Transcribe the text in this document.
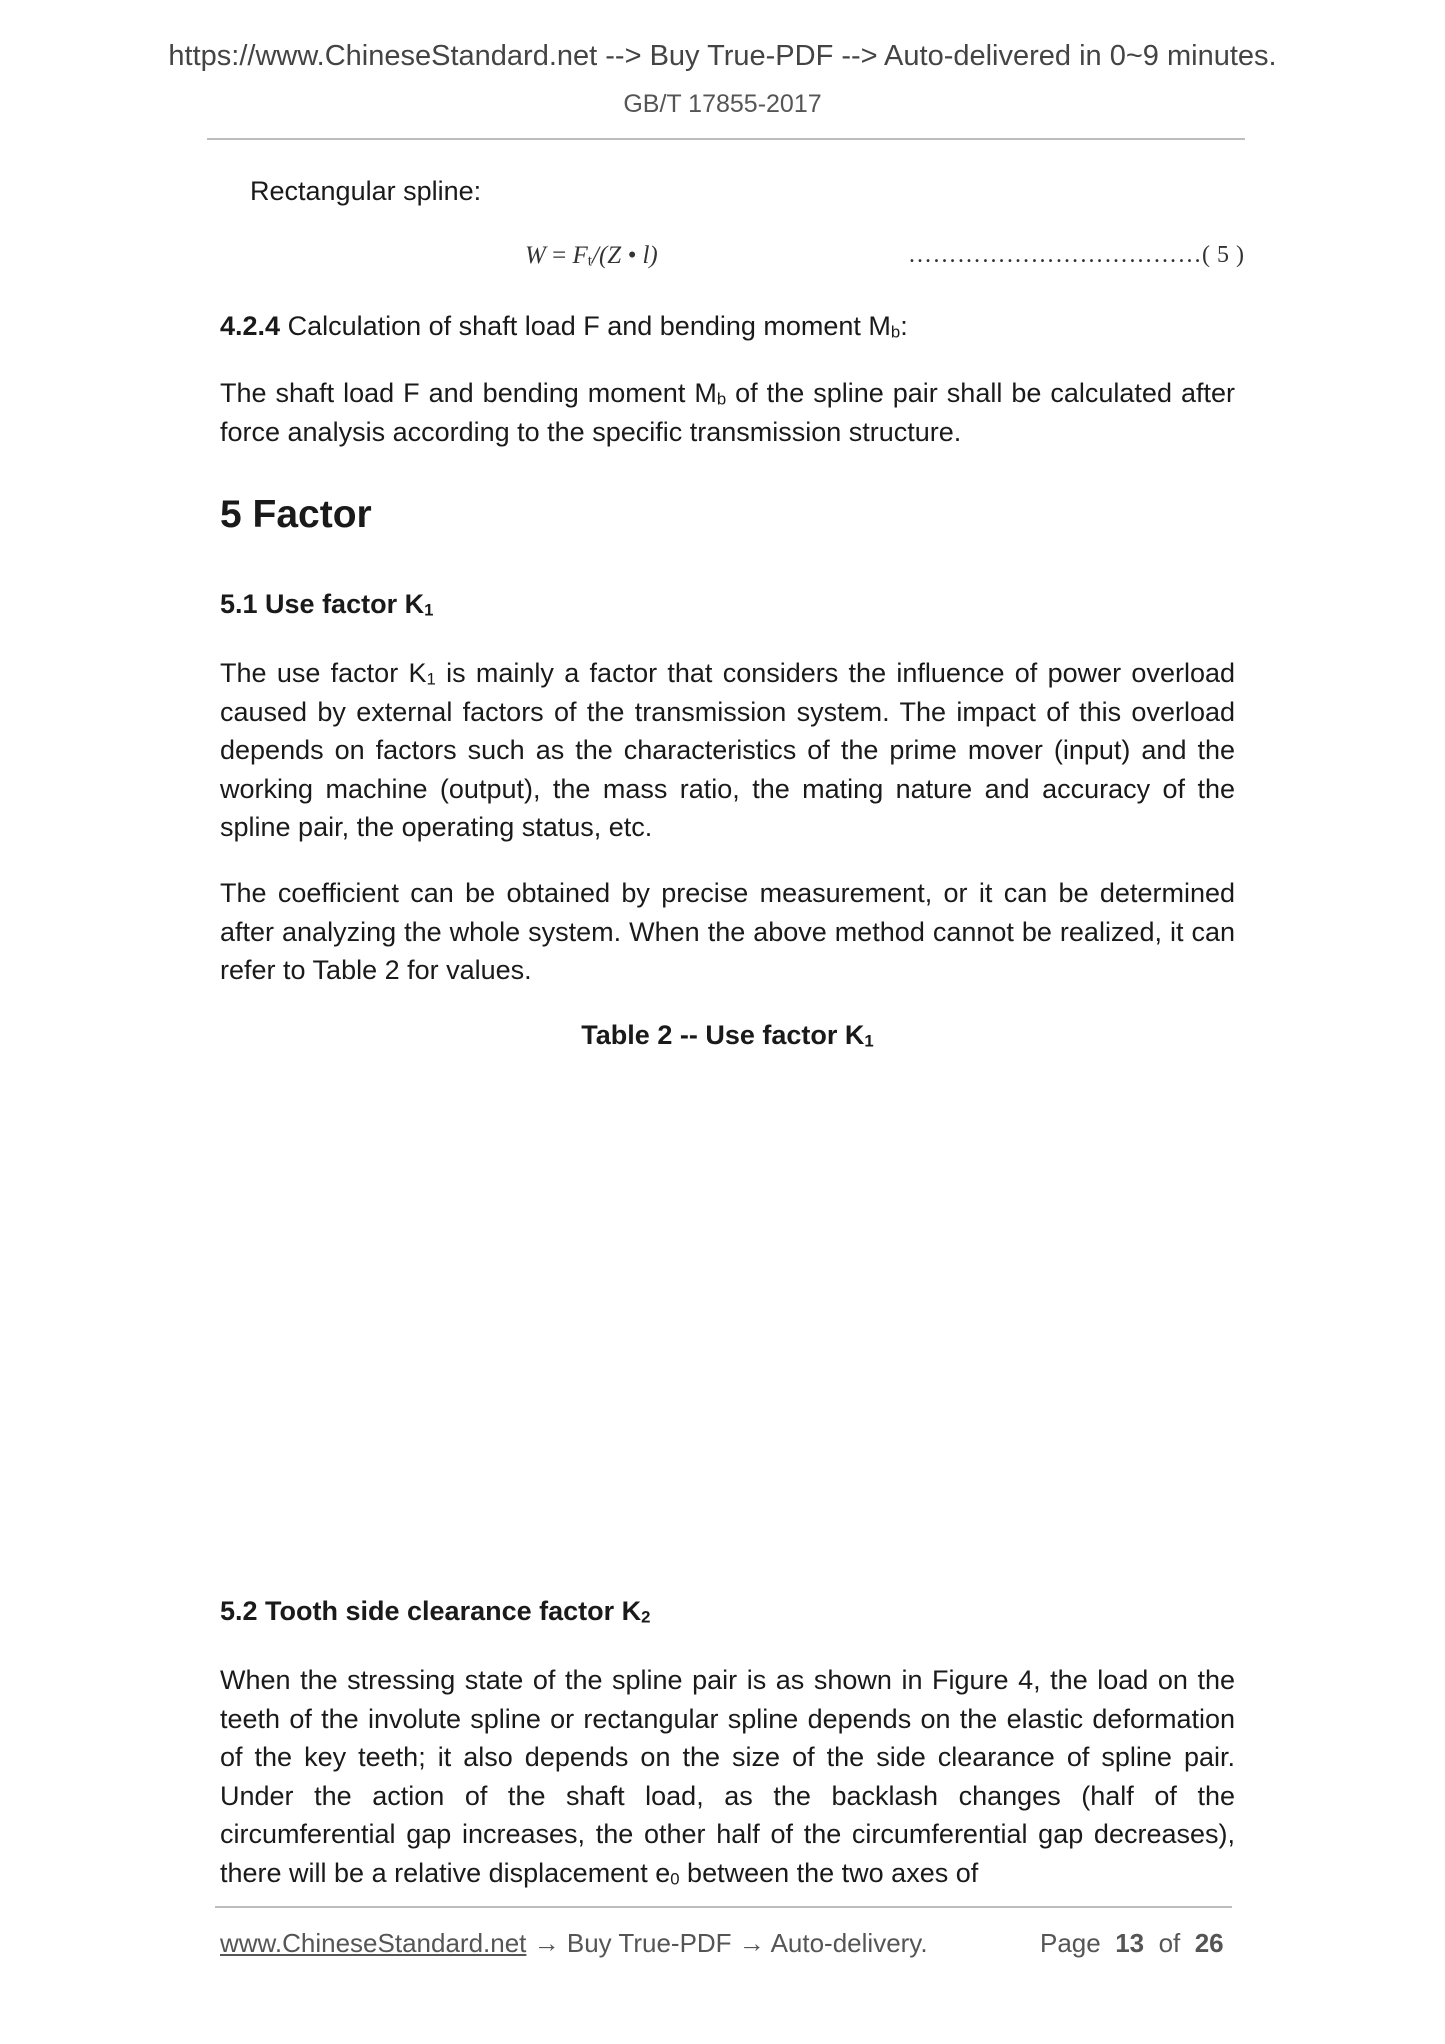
https://www.ChineseStandard.net --> Buy True-PDF --> Auto-delivered in 0~9 minutes.
GB/T 17855-2017

Rectangular spline:

$W = F_t/(Z$ • l)	………………………………( 5 )

4.2.4 Calculation of shaft load F and bending moment $M_b$:

The shaft load F and bending moment $M_b$ of the spline pair shall be calculated after force analysis according to the specific transmission structure.

5 Factor
5.1 Use factor $K_1$

The use factor $K_1$ is mainly a factor that considers the influence of power overload caused by external factors of the transmission system. The impact of this overload depends on factors such as the characteristics of the prime mover (input) and the working machine (output), the mass ratio, the mating nature and accuracy of the spline pair, the operating status, etc.

The coefficient can be obtained by precise measurement, or it can be determined after analyzing the whole system. When the above method cannot be realized, it can refer to Table 2 for values.

Table 2 -- Use factor $K_1$

5.2 Tooth side clearance factor $K_2$

When the stressing state of the spline pair is as shown in Figure 4, the load on the teeth of the involute spline or rectangular spline depends on the elastic deformation of the key teeth; it also depends on the size of the side clearance of spline pair. Under the action of the shaft load, as the backlash changes (half of the circumferential gap increases, the other half of the circumferential gap decreases), there will be a relative displacement $e_0$ between the two axes of

www.ChineseStandard.net → Buy True-PDF → Auto-delivery.	Page 13 of 26
